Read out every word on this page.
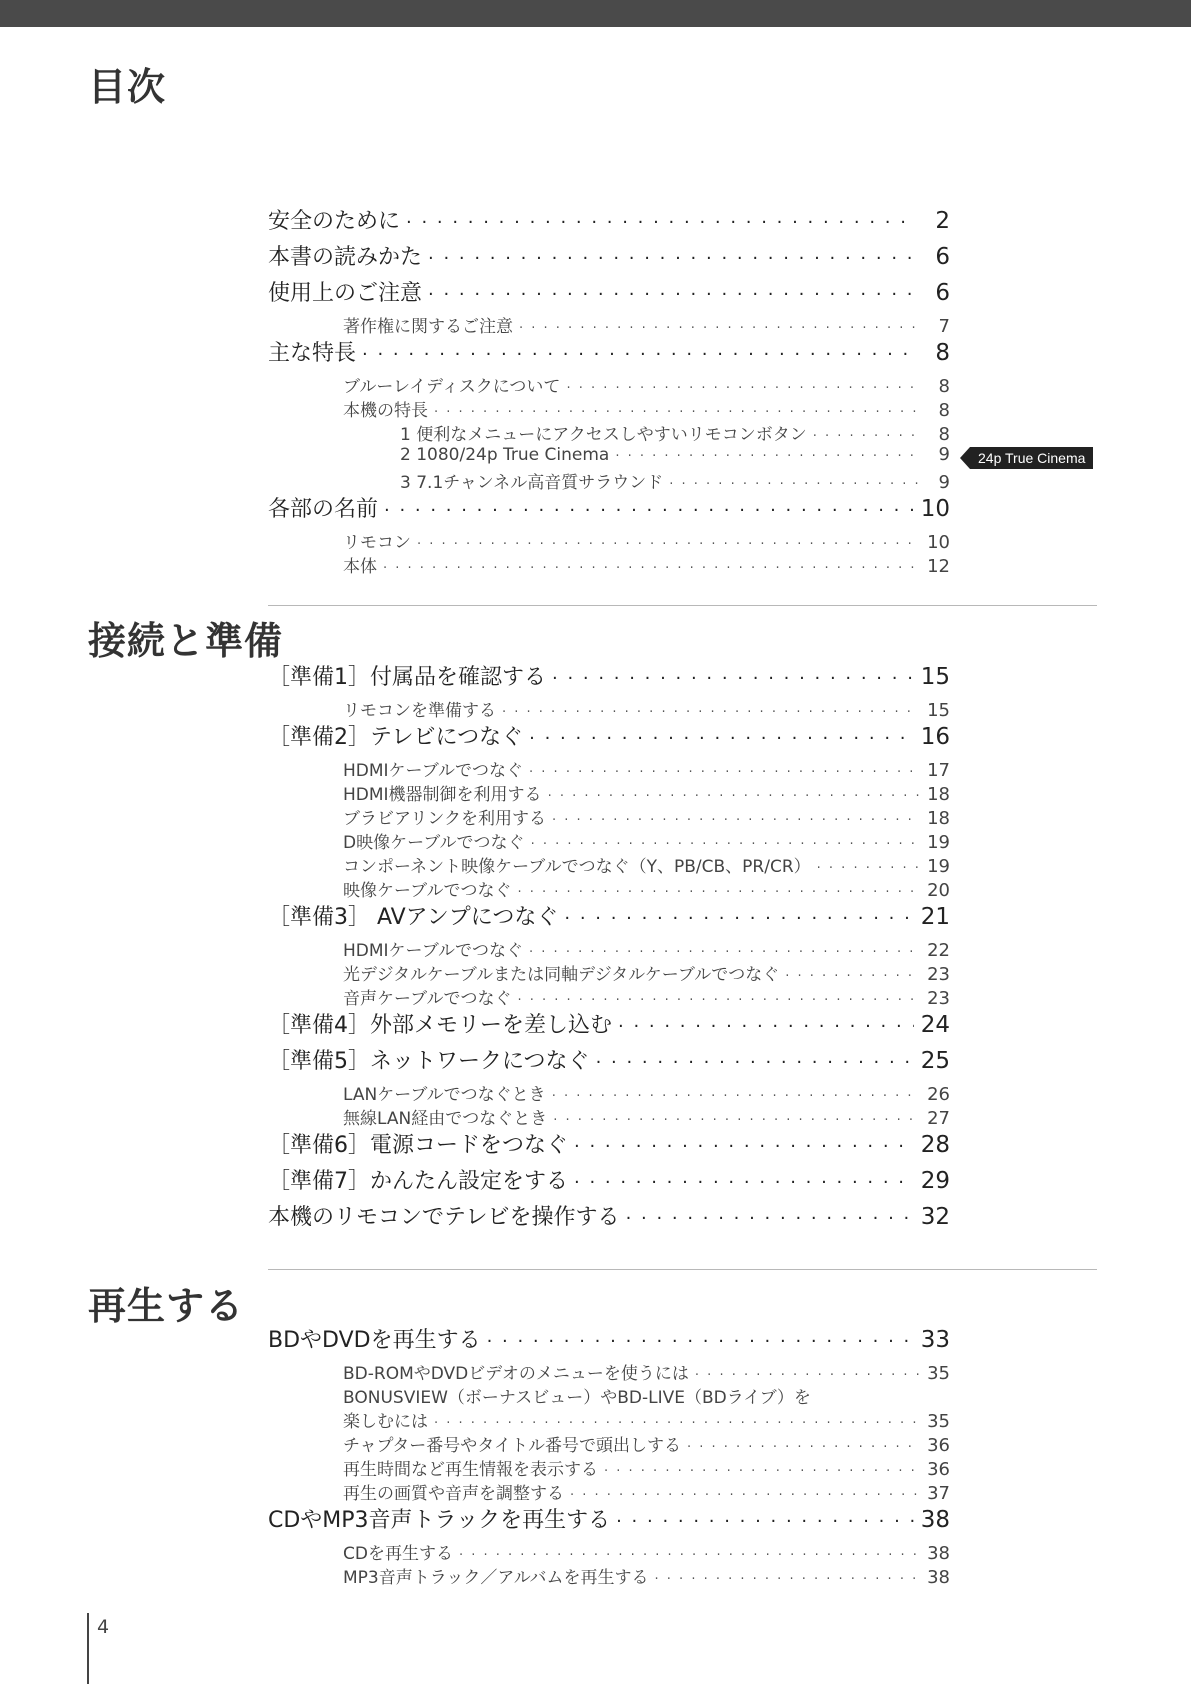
目次
安全のために · · ·	2
本書の読みかた · · ·	6
使用上のご注意 · · ·	6
著作権に関するご注意 · · ·	7
主な特長 · · ·	8
ブルーレイディスクについて · · ·	8
本機の特長 · · ·	8
1 便利なメニューにアクセスしやすいリモコンボタン · · ·	8
2 1080/24p True Cinema · · ·	9
3 7.1チャンネル高音質サラウンド · · ·	9
各部の名前 · · ·	10
リモコン · · ·	10
本体 · · ·	12
接続と準備
［準備1］付属品を確認する · · ·	15
リモコンを準備する · · ·	15
［準備2］テレビにつなぐ · · ·	16
HDMIケーブルでつなぐ · · ·	17
HDMI機器制御を利用する · · ·	18
ブラビアリンクを利用する · · ·	18
D映像ケーブルでつなぐ · · ·	19
コンポーネント映像ケーブルでつなぐ（Y、PB/CB、PR/CR） · · ·	19
映像ケーブルでつなぐ · · ·	20
［準備3］ AVアンプにつなぐ · · ·	21
HDMIケーブルでつなぐ · · ·	22
光デジタルケーブルまたは同軸デジタルケーブルでつなぐ · · ·	23
音声ケーブルでつなぐ · · ·	23
［準備4］外部メモリーを差し込む · · ·	24
［準備5］ネットワークにつなぐ · · ·	25
LANケーブルでつなぐとき · · ·	26
無線LAN経由でつなぐとき · · ·	27
［準備6］電源コードをつなぐ · · ·	28
［準備7］かんたん設定をする · · ·	29
本機のリモコンでテレビを操作する · · ·	32
再生する
BDやDVDを再生する · · ·	33
BD-ROMやDVDビデオのメニューを使うには · · ·	35
BONUSVIEW（ボーナスビュー）やBD-LIVE（BDライブ）を
楽しむには · · ·	35
チャプター番号やタイトル番号で頭出しする · · ·	36
再生時間など再生情報を表示する · · ·	36
再生の画質や音声を調整する · · ·	37
CDやMP3音声トラックを再生する · · ·	38
CDを再生する · · ·	38
MP3音声トラック／アルバムを再生する · · ·	38
24p True Cinema
4
